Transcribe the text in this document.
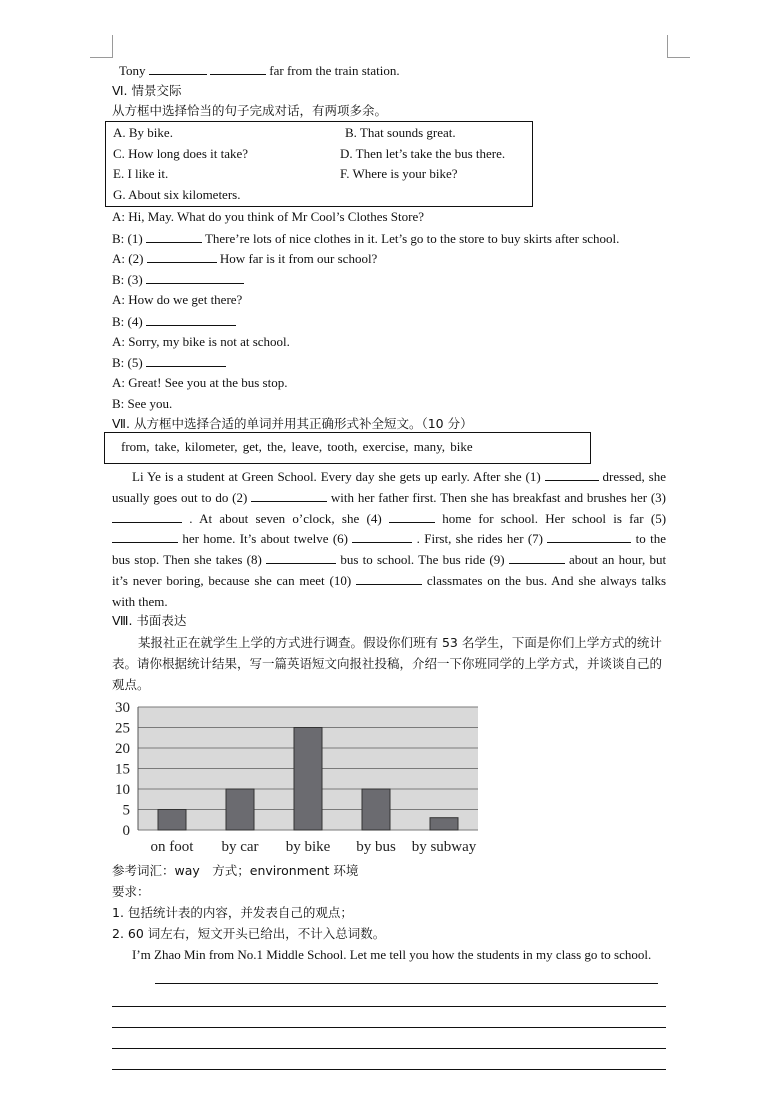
Tony	far from the train station.
Ⅵ. 情景交际
从方框中选择恰当的句子完成对话，有两项多余。
A. By bike.	B. That sounds great.
C. How long does it take?	D. Then let’s take the bus there.
E. I like it.	F. Where is your bike?
G. About six kilometers.
A: Hi, May. What do you think of Mr Cool’s Clothes Store?
B: (1)	There’re lots of nice clothes in it. Let’s go to the store to buy skirts after school.
A: (2)	How far is it from our school?
B: (3)
A: How do we get there?
B: (4)
A: Sorry, my bike is not at school.
B: (5)
A: Great! See you at the bus stop.
B: See you.
Ⅶ. 从方框中选择合适的单词并用其正确形式补全短文。（10 分）
from, take, kilometer, get, the, leave, tooth, exercise, many, bike

Li Ye is a student at Green School. Every day she gets up early. After she (1)	dressed, she usually goes out to do (2)	with her father first. Then she has breakfast and brushes her (3)  . At about seven o’clock, she (4)	home for school. Her school is far (5)  her home. It’s about twelve (6)	. First, she rides her (7)	to the bus stop. Then she takes (8)	bus to school. The bus ride (9)	about an hour, but it’s never boring, because she can meet (10)	classmates on the bus. And she always talks with them.

Ⅷ. 书面表达
某报社正在就学生上学的方式进行调查。假设你们班有 53 名学生，下面是你们上学方式的统计表。请你根据统计结果，写一篇英语短文向报社投稿，介绍一下你班同学的上学方式，并谈谈自己的观点。
0
5
10
15
20
25
30
on foot by car by bike by bus by subway
参考词汇：way　方式；environment 环境
要求：
1. 包括统计表的内容，并发表自己的观点；
2. 60 词左右，短文开头已给出，不计入总词数。

I’m Zhao Min from No.1 Middle School. Let me tell you how the students in my class go to school.
